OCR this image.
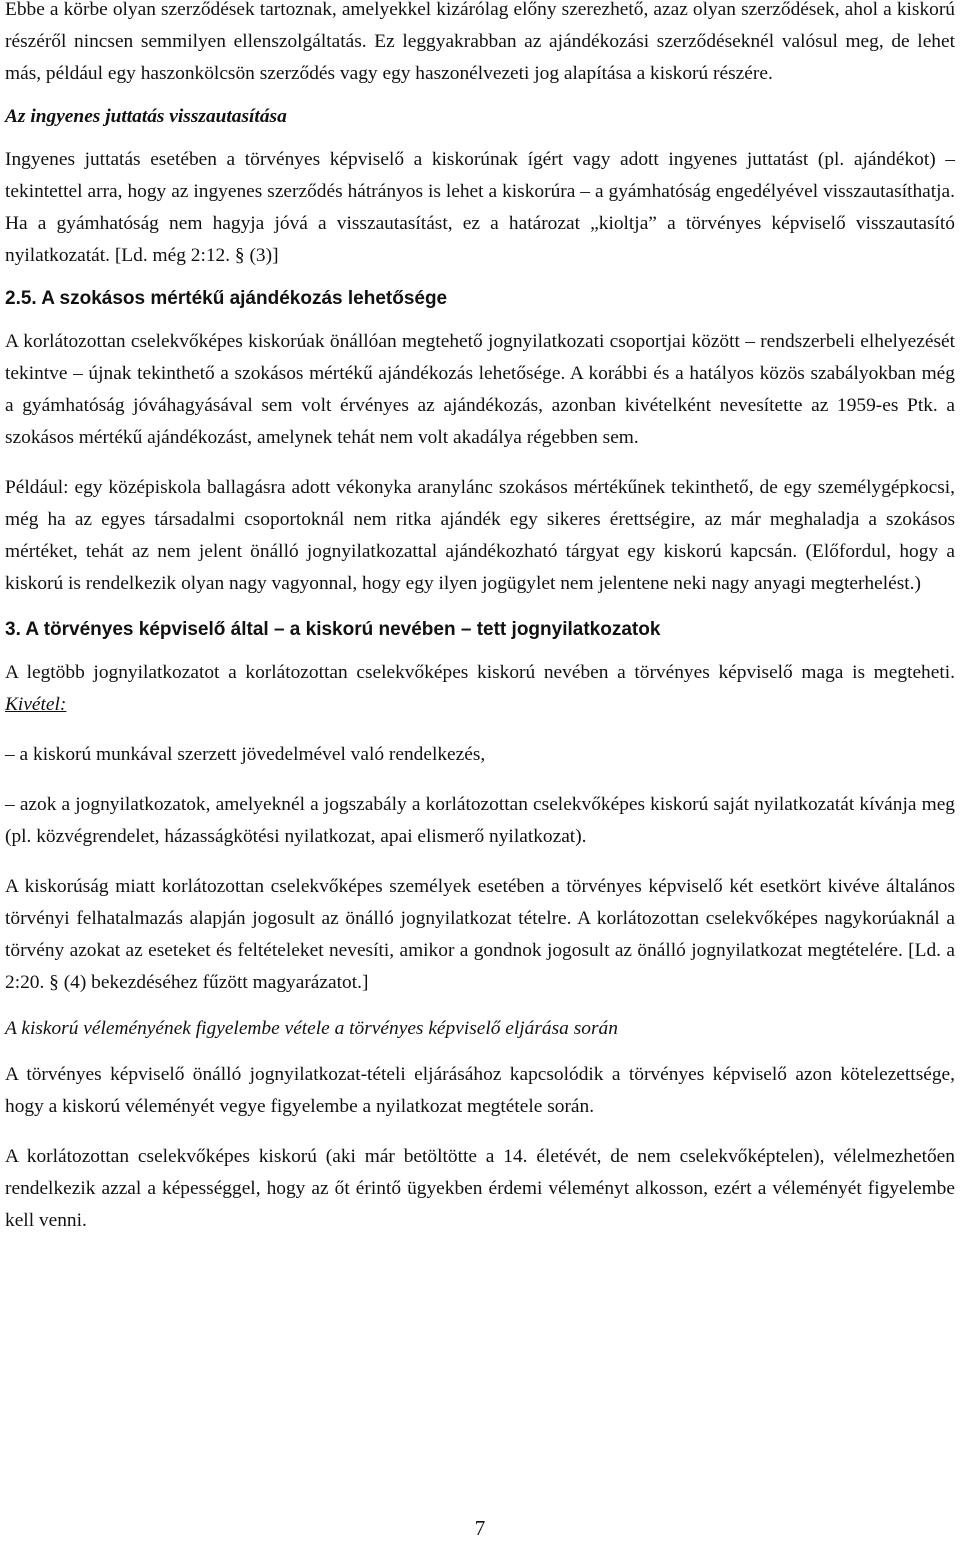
Ebbe a körbe olyan szerződések tartoznak, amelyekkel kizárólag előny szerezhető, azaz olyan szerződések, ahol a kiskorú részéről nincsen semmilyen ellenszolgáltatás. Ez leggyakrabban az ajándékozási szerződéseknél valósul meg, de lehet más, például egy haszonkölcsön szerződés vagy egy haszonélvezeti jog alapítása a kiskorú részére.

Az ingyenes juttatás visszautasítása

Ingyenes juttatás esetében a törvényes képviselő a kiskorúnak ígért vagy adott ingyenes juttatást (pl. ajándékot) – tekintettel arra, hogy az ingyenes szerződés hátrányos is lehet a kiskorúra – a gyámhatóság engedélyével visszautasíthatja. Ha a gyámhatóság nem hagyja jóvá a visszautasítást, ez a határozat „kioltja” a törvényes képviselő visszautasító nyilatkozatát. [Ld. még 2:12. § (3)]

2.5. A szokásos mértékű ajándékozás lehetősége

A korlátozottan cselekvőképes kiskorúak önállóan megtehető jognyilatkozati csoportjai között – rendszerbeli elhelyezését tekintve – újnak tekinthető a szokásos mértékű ajándékozás lehetősége. A korábbi és a hatályos közös szabályokban még a gyámhatóság jóváhagyásával sem volt érvényes az ajándékozás, azonban kivételként nevesítette az 1959-es Ptk. a szokásos mértékű ajándékozást, amelynek tehát nem volt akadálya régebben sem.

Például: egy középiskola ballagásra adott vékonyka aranylánc szokásos mértékűnek tekinthető, de egy személygépkocsi, még ha az egyes társadalmi csoportoknál nem ritka ajándék egy sikeres érettségire, az már meghaladja a szokásos mértéket, tehát az nem jelent önálló jognyilatkozattal ajándékozható tárgyat egy kiskorú kapcsán. (Előfordul, hogy a kiskorú is rendelkezik olyan nagy vagyonnal, hogy egy ilyen jogügylet nem jelentene neki nagy anyagi megterhelést.)

3. A törvényes képviselő által – a kiskorú nevében – tett jognyilatkozatok

A legtöbb jognyilatkozatot a korlátozottan cselekvőképes kiskorú nevében a törvényes képviselő maga is megteheti. Kivétel:

– a kiskorú munkával szerzett jövedelmével való rendelkezés,

– azok a jognyilatkozatok, amelyeknél a jogszabály a korlátozottan cselekvőképes kiskorú saját nyilatkozatát kívánja meg (pl. közvégrendelet, házasságkötési nyilatkozat, apai elismerő nyilatkozat).

A kiskorúság miatt korlátozottan cselekvőképes személyek esetében a törvényes képviselő két esetkört kivéve általános törvényi felhatalmazás alapján jogosult az önálló jognyilatkozat tételre. A korlátozottan cselekvőképes nagykorúaknál a törvény azokat az eseteket és feltételeket nevesíti, amikor a gondnok jogosult az önálló jognyilatkozat megtételére. [Ld. a 2:20. § (4) bekezdéséhez fűzött magyarázatot.]

A kiskorú véleményének figyelembe vétele a törvényes képviselő eljárása során

A törvényes képviselő önálló jognyilatkozat-tételi eljárásához kapcsolódik a törvényes képviselő azon kötelezettsége, hogy a kiskorú véleményét vegye figyelembe a nyilatkozat megtétele során.

A korlátozottan cselekvőképes kiskorú (aki már betöltötte a 14. életévét, de nem cselekvőképtelen), vélelmezhetően rendelkezik azzal a képességgel, hogy az őt érintő ügyekben érdemi véleményt alkosson, ezért a véleményét figyelembe kell venni.

7
